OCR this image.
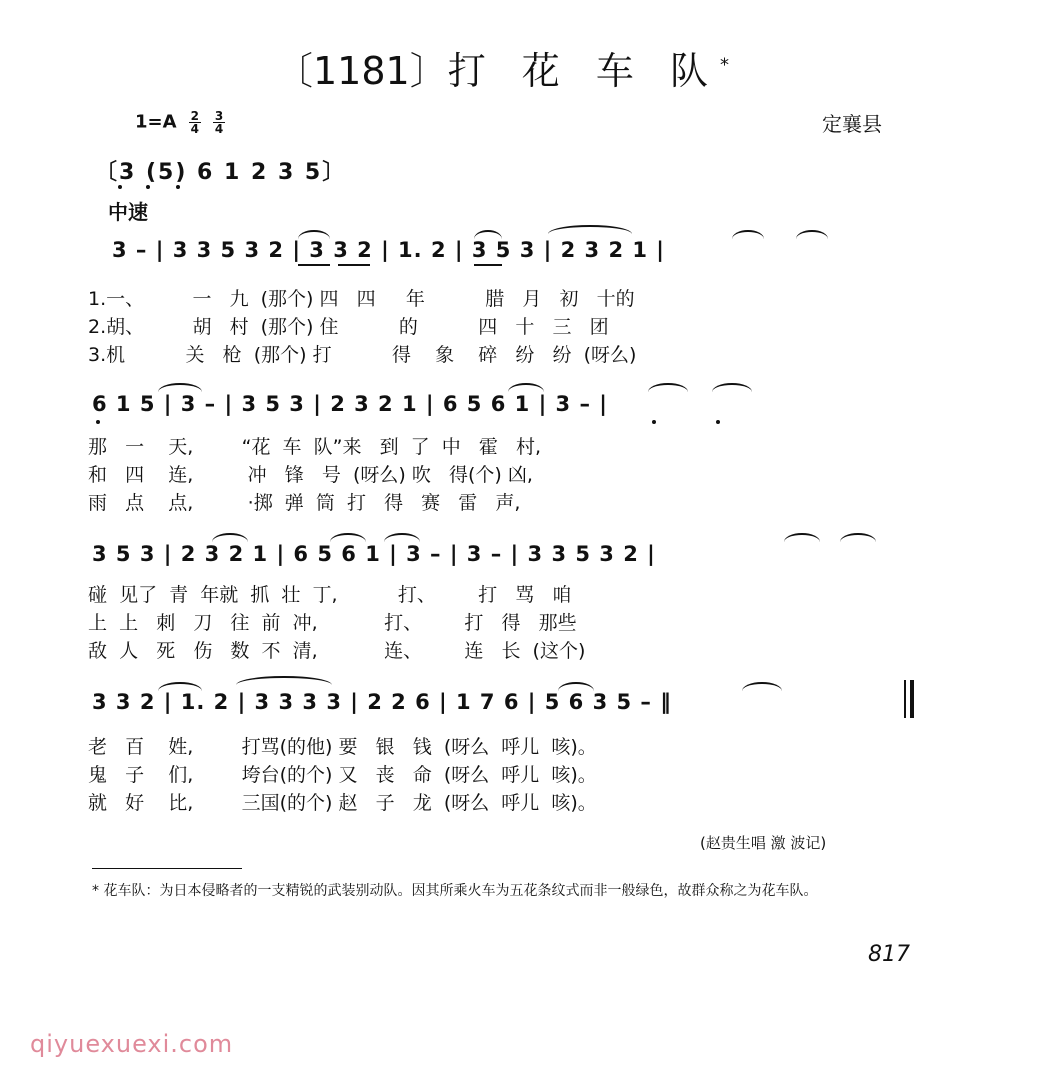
〔1181〕打 花 车 队*
$1=A \frac{2}{4}$
$\frac{3}{4}$	定襄县
〔3 (5) 6 1 2 3 5〕
中速
3 – | 3 3 5 3 2 | 3 3 2 | 1. 2 | 3 5 3 | 2 3 2 1 |
1.一、        一   九  (那个) 四   四     年          腊   月   初   十的
2.胡、        胡   村  (那个) 住          的          四   十   三   团
3.机          关   枪  (那个) 打          得    象    碎   纷   纷  (呀么)
6 1 5 | 3 – | 3 5 3 | 2 3 2 1 | 6 5 6 1 | 3 – |
那   一    天,        “花  车  队”来   到  了  中   霍   村,
和   四    连,         冲   锋   号  (呀么) 吹   得(个) 凶,
雨   点    点,         ·掷  弹  筒  打   得   赛   雷   声,
3 5 3 | 2 3 2 1 | 6 5 6 1 | 3 – | 3 – | 3 3 5 3 2 |
碰  见了  青  年就  抓  壮  丁,          打、       打   骂   咱
上  上   刺   刀   往  前  冲,           打、       打   得   那些
敌  人   死   伤   数  不  清,           连、       连   长  (这个)
3 3 2 | 1. 2 | 3 3 3 3 | 2 2 6 | 1 7 6 | 5 6 3 5 – ‖
老   百    姓,        打骂(的他) 要   银   钱  (呀么  呼儿  咳)。
鬼   子    们,        垮台(的个) 又   丧   命  (呀么  呼儿  咳)。
就   好    比,        三国(的个) 赵   子   龙  (呀么  呼儿  咳)。
(赵贵生唱 激 波记)
* 花车队：为日本侵略者的一支精锐的武装别动队。因其所乘火车为五花条纹式而非一般绿色，故群众称之为花车队。
817
qiyuexuexi.com
